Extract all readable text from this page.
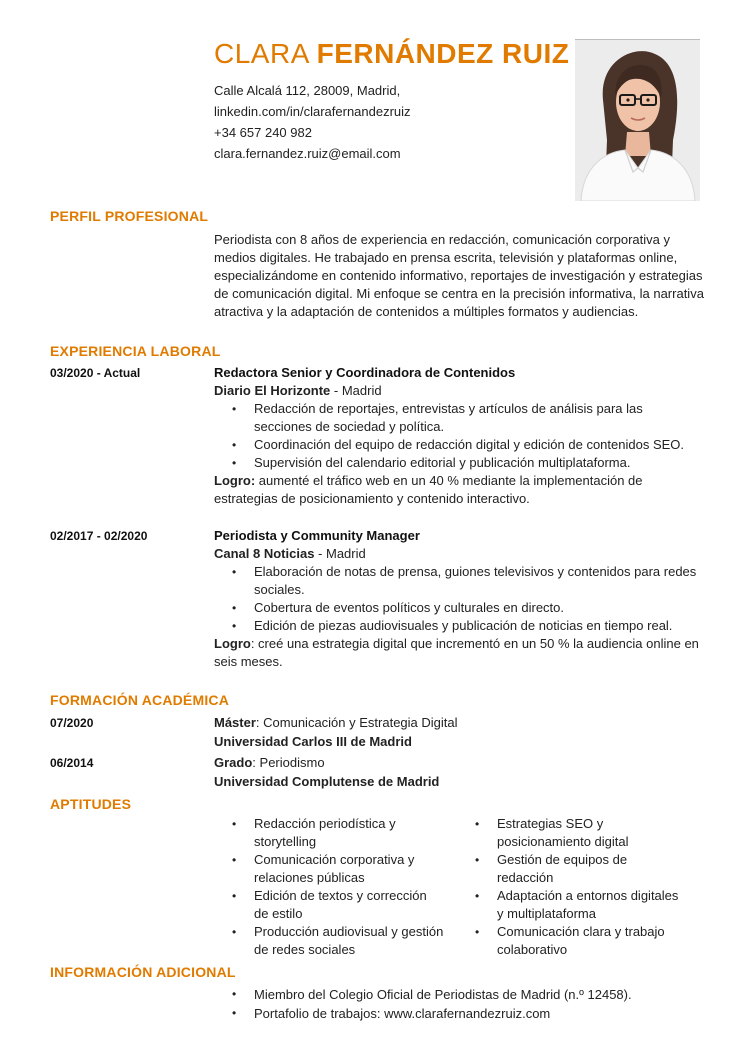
CLARA FERNÁNDEZ RUIZ
Calle Alcalá 112, 28009, Madrid,
linkedin.com/in/clarafernandezruiz
+34 657 240 982
clara.fernandez.ruiz@email.com
PERFIL PROFESIONAL
Periodista con 8 años de experiencia en redacción, comunicación corporativa y medios digitales. He trabajado en prensa escrita, televisión y plataformas online, especializándome en contenido informativo, reportajes de investigación y estrategias de comunicación digital. Mi enfoque se centra en la precisión informativa, la narrativa atractiva y la adaptación de contenidos a múltiples formatos y audiencias.
EXPERIENCIA LABORAL
03/2020 - Actual	Redactora Senior y Coordinadora de Contenidos
Diario El Horizonte - Madrid
• Redacción de reportajes, entrevistas y artículos de análisis para las secciones de sociedad y política.
• Coordinación del equipo de redacción digital y edición de contenidos SEO.
• Supervisión del calendario editorial y publicación multiplataforma.
Logro: aumenté el tráfico web en un 40 % mediante la implementación de estrategias de posicionamiento y contenido interactivo.
02/2017 - 02/2020	Periodista y Community Manager
Canal 8 Noticias - Madrid
• Elaboración de notas de prensa, guiones televisivos y contenidos para redes sociales.
• Cobertura de eventos políticos y culturales en directo.
• Edición de piezas audiovisuales y publicación de noticias en tiempo real.
Logro: creé una estrategia digital que incrementó en un 50 % la audiencia online en seis meses.
FORMACIÓN ACADÉMICA
07/2020	Máster: Comunicación y Estrategia Digital
Universidad Carlos III de Madrid
06/2014	Grado: Periodismo
Universidad Complutense de Madrid
APTITUDES
• Redacción periodística y storytelling
• Comunicación corporativa y relaciones públicas
• Edición de textos y corrección de estilo
• Producción audiovisual y gestión de redes sociales
• Estrategias SEO y posicionamiento digital
• Gestión de equipos de redacción
• Adaptación a entornos digitales y multiplataforma
• Comunicación clara y trabajo colaborativo
INFORMACIÓN ADICIONAL
• Miembro del Colegio Oficial de Periodistas de Madrid (n.º 12458).
• Portafolio de trabajos: www.clarafernandezruiz.com
